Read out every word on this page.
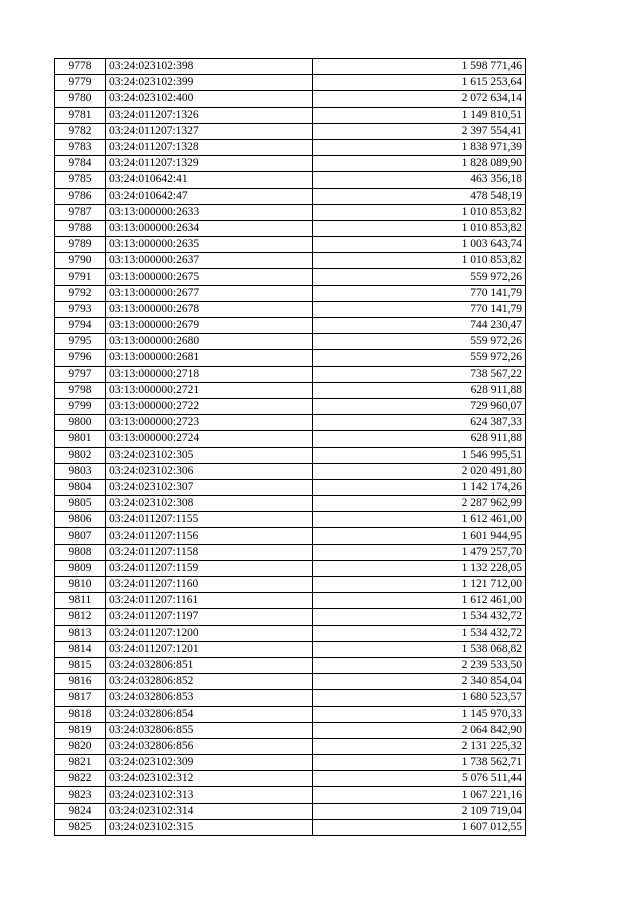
9778	03:24:023102:398	1 598 771,46
9779	03:24:023102:399	1 615 253,64
9780	03:24:023102:400	2 072 634,14
9781	03:24:011207:1326	1 149 810,51
9782	03:24:011207:1327	2 397 554,41
9783	03:24:011207:1328	1 838 971,39
9784	03:24:011207:1329	1 828 089,90
9785	03:24:010642:41	463 356,18
9786	03:24:010642:47	478 548,19
9787	03:13:000000:2633	1 010 853,82
9788	03:13:000000:2634	1 010 853,82
9789	03:13:000000:2635	1 003 643,74
9790	03:13:000000:2637	1 010 853,82
9791	03:13:000000:2675	559 972,26
9792	03:13:000000:2677	770 141,79
9793	03:13:000000:2678	770 141,79
9794	03:13:000000:2679	744 230,47
9795	03:13:000000:2680	559 972,26
9796	03:13:000000:2681	559 972,26
9797	03:13:000000:2718	738 567,22
9798	03:13:000000:2721	628 911,88
9799	03:13:000000:2722	729 960,07
9800	03:13:000000:2723	624 387,33
9801	03:13:000000:2724	628 911,88
9802	03:24:023102:305	1 546 995,51
9803	03:24:023102:306	2 020 491,80
9804	03:24:023102:307	1 142 174,26
9805	03:24:023102:308	2 287 962,99
9806	03:24:011207:1155	1 612 461,00
9807	03:24:011207:1156	1 601 944,95
9808	03:24:011207:1158	1 479 257,70
9809	03:24:011207:1159	1 132 228,05
9810	03:24:011207:1160	1 121 712,00
9811	03:24:011207:1161	1 612 461,00
9812	03:24:011207:1197	1 534 432,72
9813	03:24:011207:1200	1 534 432,72
9814	03:24:011207:1201	1 538 068,82
9815	03:24:032806:851	2 239 533,50
9816	03:24:032806:852	2 340 854,04
9817	03:24:032806:853	1 680 523,57
9818	03:24:032806:854	1 145 970,33
9819	03:24:032806:855	2 064 842,90
9820	03:24:032806:856	2 131 225,32
9821	03:24:023102:309	1 738 562,71
9822	03:24:023102:312	5 076 511,44
9823	03:24:023102:313	1 067 221,16
9824	03:24:023102:314	2 109 719,04
9825	03:24:023102:315	1 607 012,55
